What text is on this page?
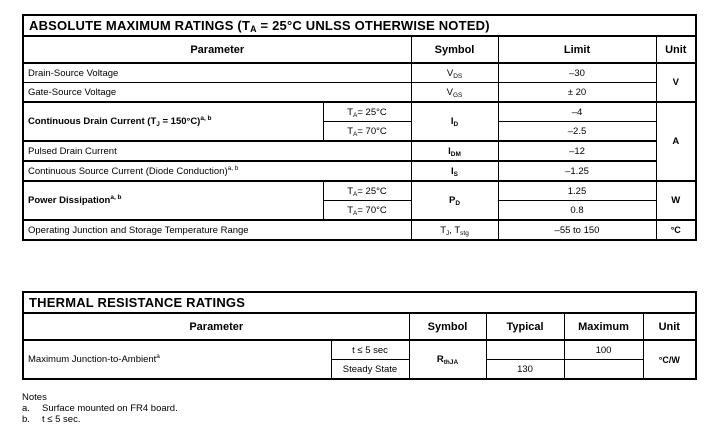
ABSOLUTE MAXIMUM RATINGS ($T_A = 25^\circ C$ UNLSS OTHERWISE NOTED)				
Parameter		Symbol	Limit	Unit
Drain-Source Voltage		$V_{DS}$	–30	V
Gate-Source Voltage		$V_{GS}$	± 20	
Continuous Drain Current $(T_J = 150^\circ C)^{a, b}$	$T_A= 25^\circ C$	$I_D$	–4	A
	$T_A= 70^\circ C$		–2.5	
Pulsed Drain Current		$I_{DM}$	–12	
Continuous Source Current (Diode Conduction)$^{a, b}$		$I_S$	–1.25	
Power Dissipation$^{a, b}$	$T_A= 25^\circ C$	$P_D$	1.25	W
	$T_A= 70^\circ C$		0.8	
Operating Junction and Storage Temperature Range		$T_J$, $T_{stg}$	–55 to 150	°C
THERMAL RESISTANCE RATINGS					
Parameter		Symbol	Typical	Maximum	Unit
Maximum Junction-to-Ambient$^a$	t ≤ 5 sec	$R_{thJA}$		100	°C/W
	Steady State		130		
Notes
a.	Surface mounted on FR4 board.
b.	t ≤ 5 sec.
